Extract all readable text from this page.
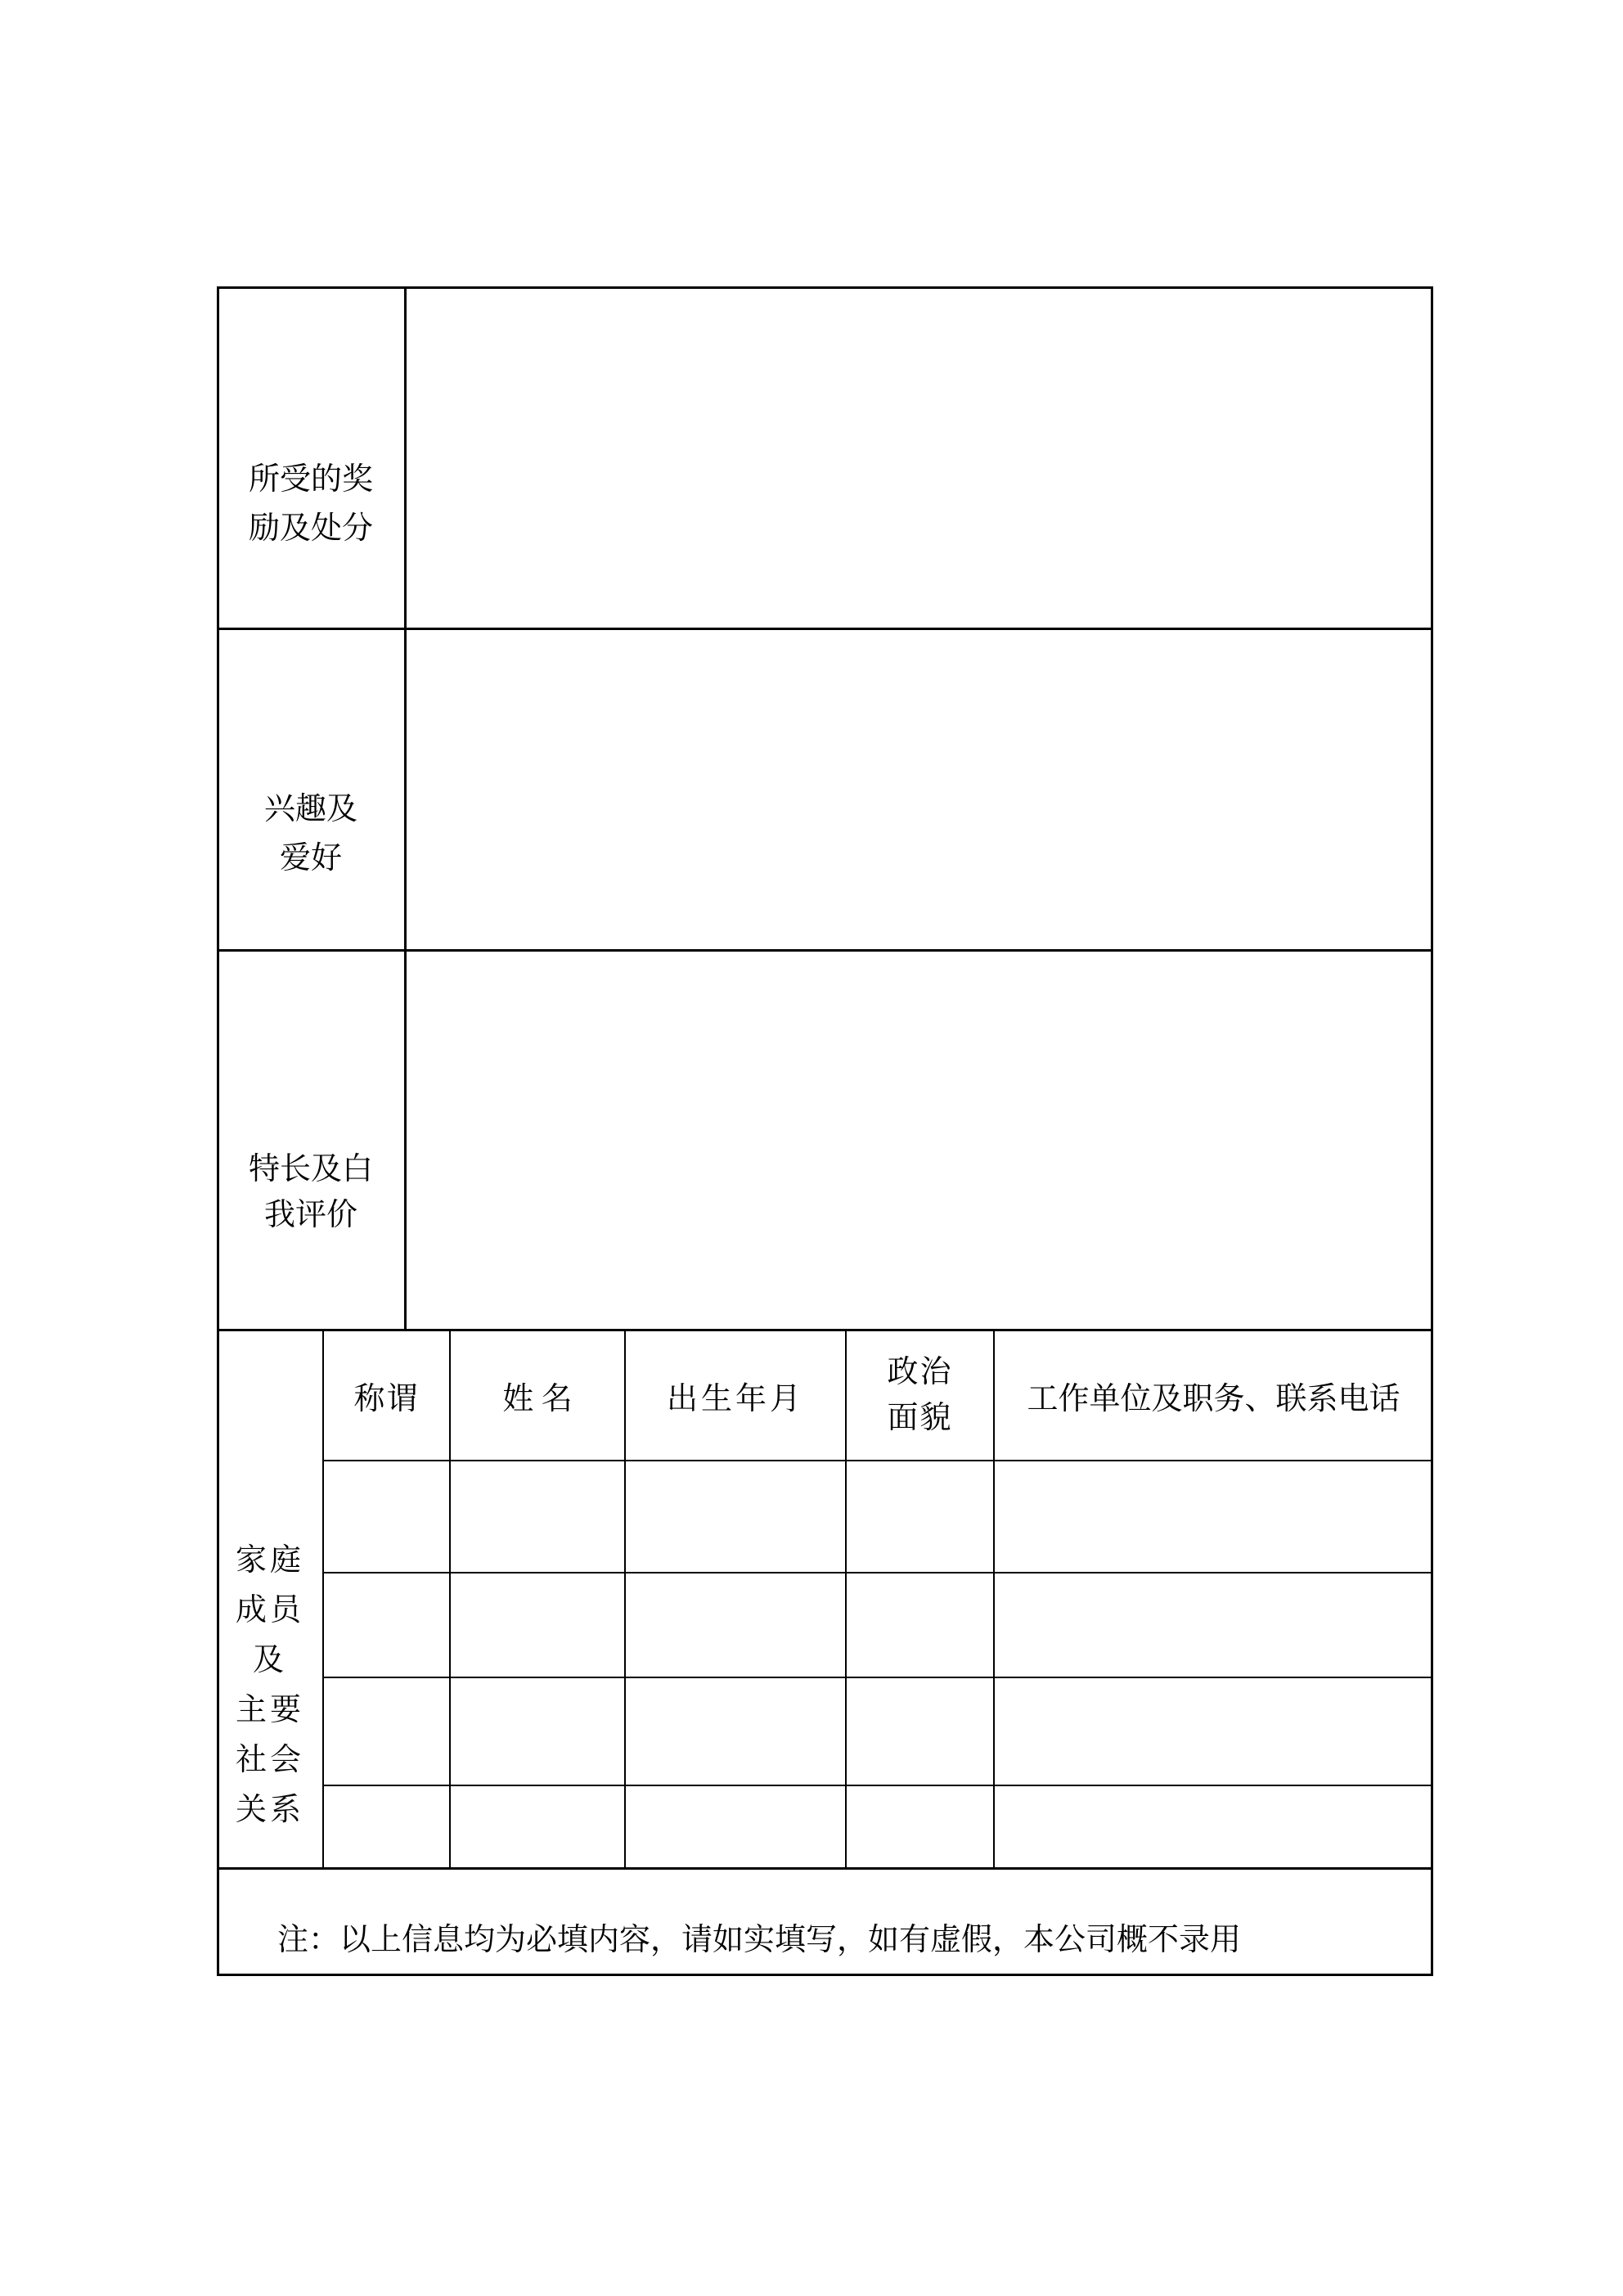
所受的奖
励及处分
兴趣及
爱好
特长及白
我评价
家庭
成员
及
主要
社会
关系
称谓	姓 名	出生年月
政治
面貌
工作单位及职务、联系电话
注：以上信息均为必填内容，请如实填写，如有虚假，本公司概不录用
